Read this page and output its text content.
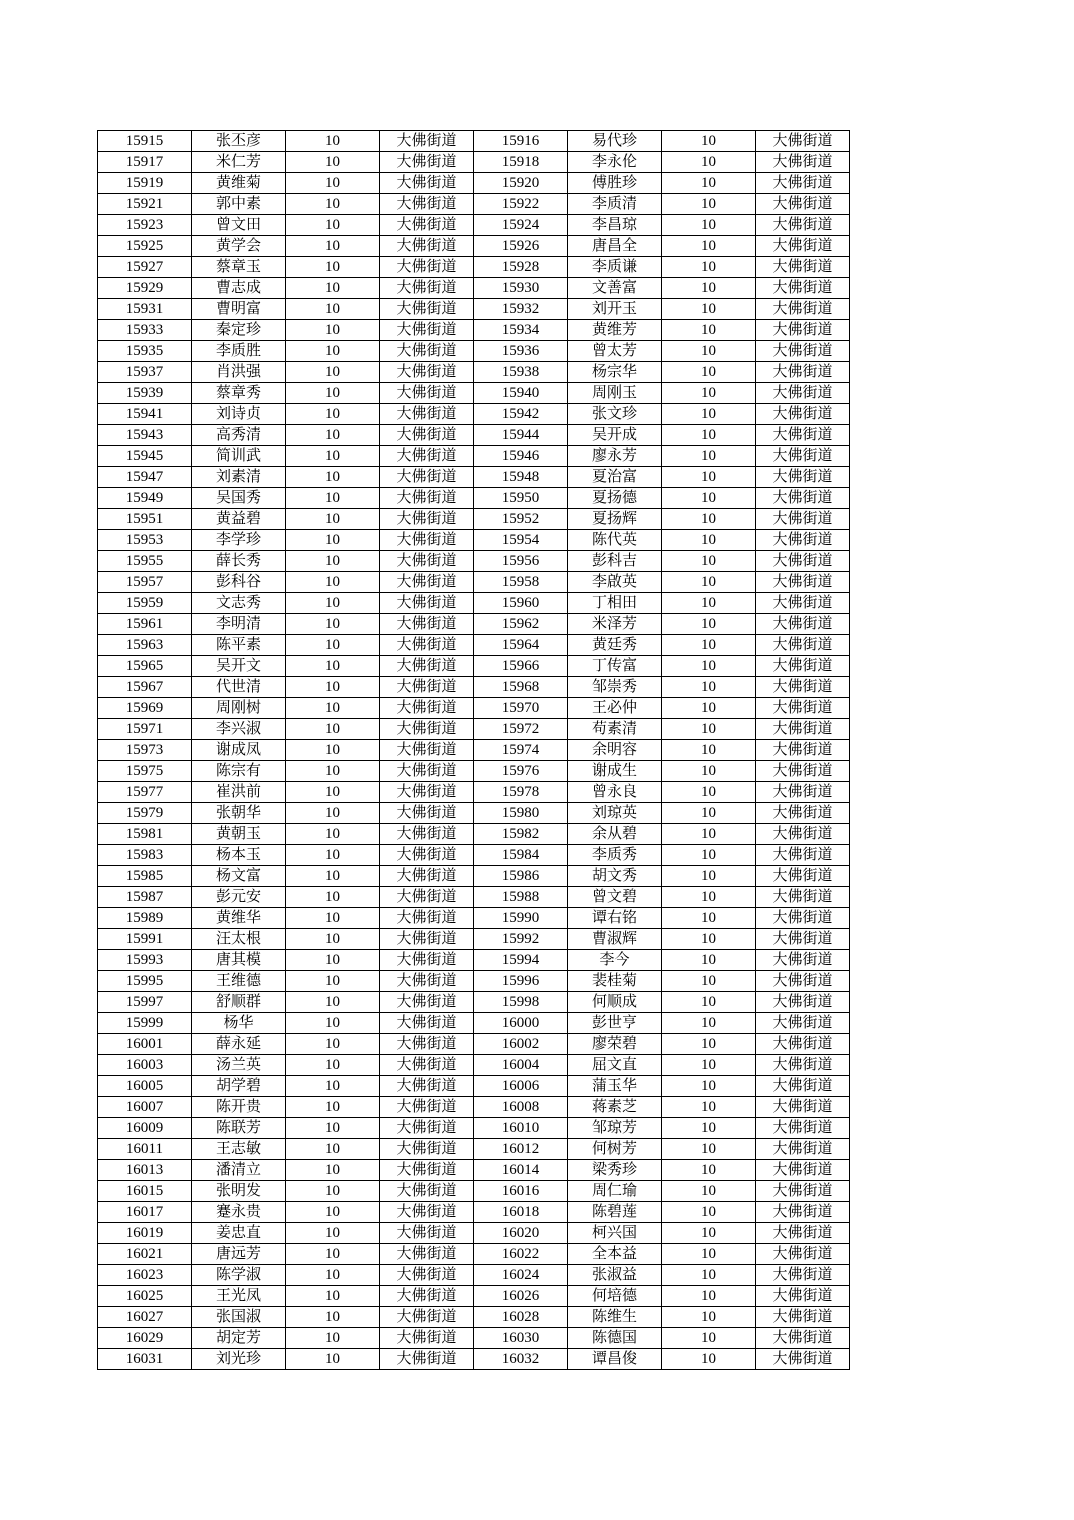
15915	张丕彦	10	大佛街道	15916	易代珍	10	大佛街道
15917	米仁芳	10	大佛街道	15918	李永伦	10	大佛街道
15919	黄维菊	10	大佛街道	15920	傅胜珍	10	大佛街道
15921	郭中素	10	大佛街道	15922	李质清	10	大佛街道
15923	曾文田	10	大佛街道	15924	李昌琼	10	大佛街道
15925	黄学会	10	大佛街道	15926	唐昌全	10	大佛街道
15927	蔡章玉	10	大佛街道	15928	李质谦	10	大佛街道
15929	曹志成	10	大佛街道	15930	文善富	10	大佛街道
15931	曹明富	10	大佛街道	15932	刘开玉	10	大佛街道
15933	秦定珍	10	大佛街道	15934	黄维芳	10	大佛街道
15935	李质胜	10	大佛街道	15936	曾太芳	10	大佛街道
15937	肖洪强	10	大佛街道	15938	杨宗华	10	大佛街道
15939	蔡章秀	10	大佛街道	15940	周刚玉	10	大佛街道
15941	刘诗贞	10	大佛街道	15942	张文珍	10	大佛街道
15943	高秀清	10	大佛街道	15944	吴开成	10	大佛街道
15945	简训武	10	大佛街道	15946	廖永芳	10	大佛街道
15947	刘素清	10	大佛街道	15948	夏治富	10	大佛街道
15949	吴国秀	10	大佛街道	15950	夏扬德	10	大佛街道
15951	黄益碧	10	大佛街道	15952	夏扬辉	10	大佛街道
15953	李学珍	10	大佛街道	15954	陈代英	10	大佛街道
15955	薛长秀	10	大佛街道	15956	彭科吉	10	大佛街道
15957	彭科谷	10	大佛街道	15958	李啟英	10	大佛街道
15959	文志秀	10	大佛街道	15960	丁相田	10	大佛街道
15961	李明清	10	大佛街道	15962	米泽芳	10	大佛街道
15963	陈平素	10	大佛街道	15964	黄廷秀	10	大佛街道
15965	吴开文	10	大佛街道	15966	丁传富	10	大佛街道
15967	代世清	10	大佛街道	15968	邹崇秀	10	大佛街道
15969	周刚树	10	大佛街道	15970	王必仲	10	大佛街道
15971	李兴淑	10	大佛街道	15972	苟素清	10	大佛街道
15973	谢成凤	10	大佛街道	15974	余明容	10	大佛街道
15975	陈宗有	10	大佛街道	15976	谢成生	10	大佛街道
15977	崔洪前	10	大佛街道	15978	曾永良	10	大佛街道
15979	张朝华	10	大佛街道	15980	刘琼英	10	大佛街道
15981	黄朝玉	10	大佛街道	15982	余从碧	10	大佛街道
15983	杨本玉	10	大佛街道	15984	李质秀	10	大佛街道
15985	杨文富	10	大佛街道	15986	胡文秀	10	大佛街道
15987	彭元安	10	大佛街道	15988	曾文碧	10	大佛街道
15989	黄维华	10	大佛街道	15990	谭右铭	10	大佛街道
15991	汪太根	10	大佛街道	15992	曹淑辉	10	大佛街道
15993	唐其模	10	大佛街道	15994	李今	10	大佛街道
15995	王维德	10	大佛街道	15996	裴桂菊	10	大佛街道
15997	舒顺群	10	大佛街道	15998	何顺成	10	大佛街道
15999	杨华	10	大佛街道	16000	彭世亨	10	大佛街道
16001	薛永延	10	大佛街道	16002	廖荣碧	10	大佛街道
16003	汤兰英	10	大佛街道	16004	屈文直	10	大佛街道
16005	胡学碧	10	大佛街道	16006	蒲玉华	10	大佛街道
16007	陈开贵	10	大佛街道	16008	蒋素芝	10	大佛街道
16009	陈联芳	10	大佛街道	16010	邹琼芳	10	大佛街道
16011	王志敏	10	大佛街道	16012	何树芳	10	大佛街道
16013	潘清立	10	大佛街道	16014	梁秀珍	10	大佛街道
16015	张明发	10	大佛街道	16016	周仁瑜	10	大佛街道
16017	蹇永贵	10	大佛街道	16018	陈碧莲	10	大佛街道
16019	姜忠直	10	大佛街道	16020	柯兴国	10	大佛街道
16021	唐远芳	10	大佛街道	16022	全本益	10	大佛街道
16023	陈学淑	10	大佛街道	16024	张淑益	10	大佛街道
16025	王光凤	10	大佛街道	16026	何培德	10	大佛街道
16027	张国淑	10	大佛街道	16028	陈维生	10	大佛街道
16029	胡定芳	10	大佛街道	16030	陈德国	10	大佛街道
16031	刘光珍	10	大佛街道	16032	谭昌俊	10	大佛街道
